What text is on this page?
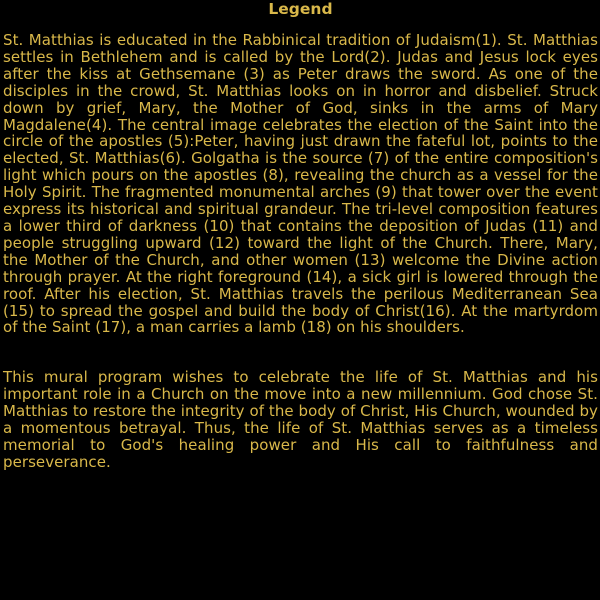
Legend

St. Matthias is educated in the Rabbinical tradition of Judaism(1). St. Matthias settles in Bethlehem and is called by the Lord(2). Judas and Jesus lock eyes after the kiss at Gethsemane (3) as Peter draws the sword. As one of the disciples in the crowd, St. Matthias looks on in horror and disbelief. Struck down by grief, Mary, the Mother of God, sinks in the arms of Mary Magdalene(4). The central image celebrates the election of the Saint into the circle of the apostles (5):Peter, having just drawn the fateful lot, points to the elected, St. Matthias(6). Golgatha is the source (7) of the entire composition's light which pours on the apostles (8), revealing the church as a vessel for the Holy Spirit. The fragmented monumental arches (9) that tower over the event express its historical and spiritual grandeur. The tri-level composition features a lower third of darkness (10) that contains the deposition of Judas (11) and people struggling upward (12) toward the light of the Church. There, Mary, the Mother of the Church, and other women (13) welcome the Divine action through prayer. At the right foreground (14), a sick girl is lowered through the roof. After his election, St. Matthias travels the perilous Mediterranean Sea (15) to spread the gospel and build the body of Christ(16). At the martyrdom of the Saint (17), a man carries a lamb (18) on his shoulders.

This mural program wishes to celebrate the life of St. Matthias and his important role in a Church on the move into a new millennium. God chose St. Matthias to restore the integrity of the body of Christ, His Church, wounded by a momentous betrayal. Thus, the life of St. Matthias serves as a timeless memorial to God's healing power and His call to faithfulness and perseverance.
